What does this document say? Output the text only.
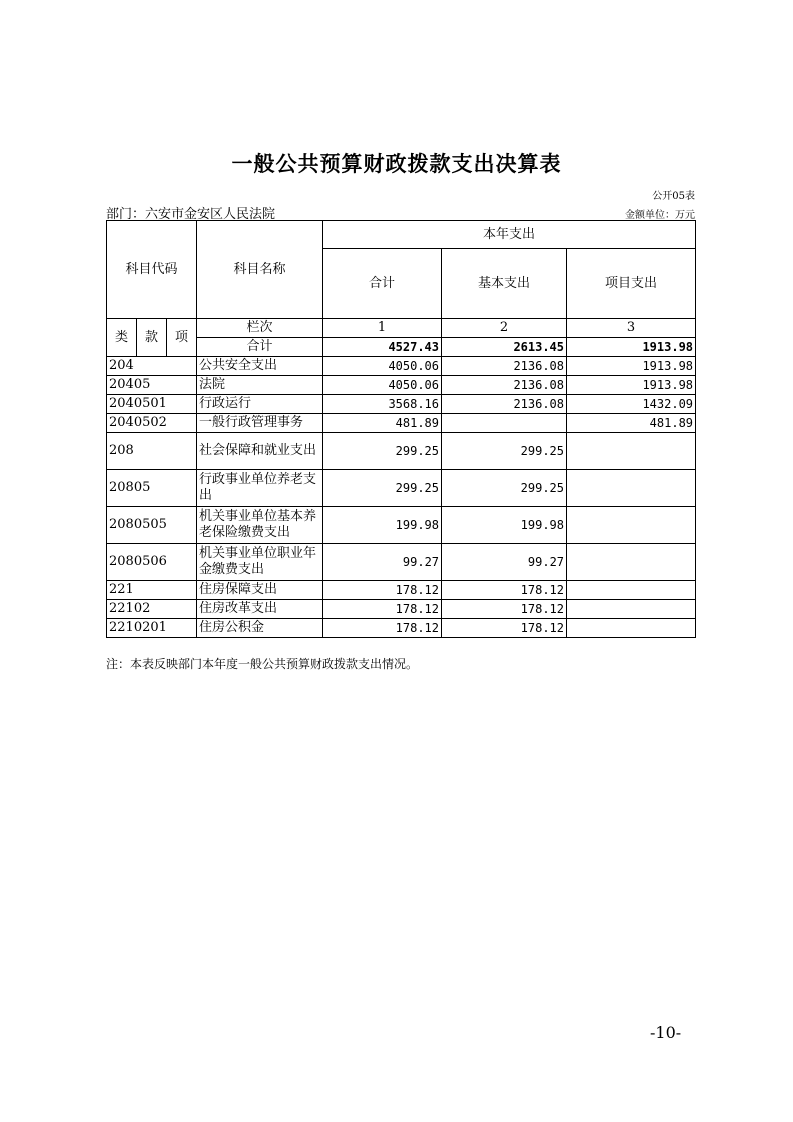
一般公共预算财政拨款支出决算表
公开05表
部门：六安市金安区人民法院	金额单位：万元
科目代码			科目名称	本年支出		
				合计	基本支出	项目支出
类	款	项	栏次	1	2	3
			合计	4527.43	2613.45	1913.98
204			公共安全支出	4050.06	2136.08	1913.98
20405			法院	4050.06	2136.08	1913.98
2040501			行政运行	3568.16	2136.08	1432.09
2040502			一般行政管理事务	481.89		481.89
208			社会保障和就业支出	299.25	299.25	
20805			行政事业单位养老支出	299.25	299.25	
2080505			机关事业单位基本养老保险缴费支出	199.98	199.98	
2080506			机关事业单位职业年金缴费支出	99.27	99.27	
221			住房保障支出	178.12	178.12	
22102			住房改革支出	178.12	178.12	
2210201			住房公积金	178.12	178.12	
注：本表反映部门本年度一般公共预算财政拨款支出情况。
-10-
